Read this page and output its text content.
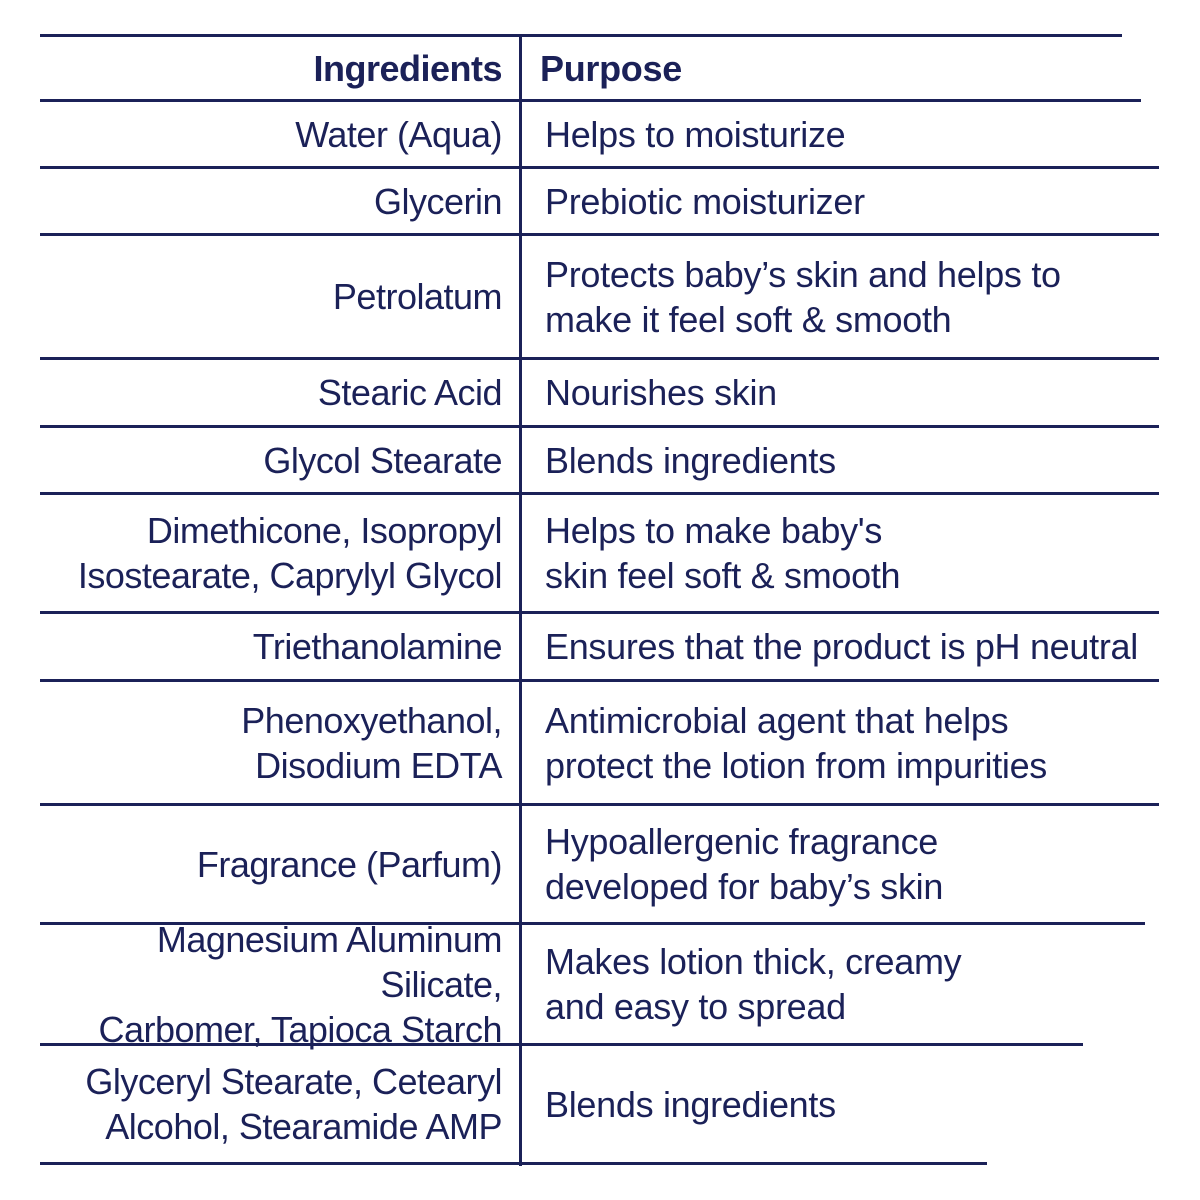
Ingredients Purpose
Water (Aqua) Helps to moisturize
Glycerin Prebiotic moisturizer
Petrolatum
Protects baby’s skin and helps to
make it feel soft & smooth
Stearic Acid Nourishes skin
Glycol Stearate Blends ingredients
Dimethicone, Isopropyl
Isostearate, Caprylyl Glycol
Helps to make baby's
skin feel soft & smooth
Triethanolamine Ensures that the product is pH neutral
Phenoxyethanol,
Disodium EDTA
Antimicrobial agent that helps
protect the lotion from impurities
Fragrance (Parfum)
Hypoallergenic fragrance
developed for baby’s skin
Magnesium Aluminum Silicate,
Carbomer, Tapioca Starch
Makes lotion thick, creamy
and easy to spread
Glyceryl Stearate, Cetearyl
Alcohol, Stearamide AMP
Blends ingredients
